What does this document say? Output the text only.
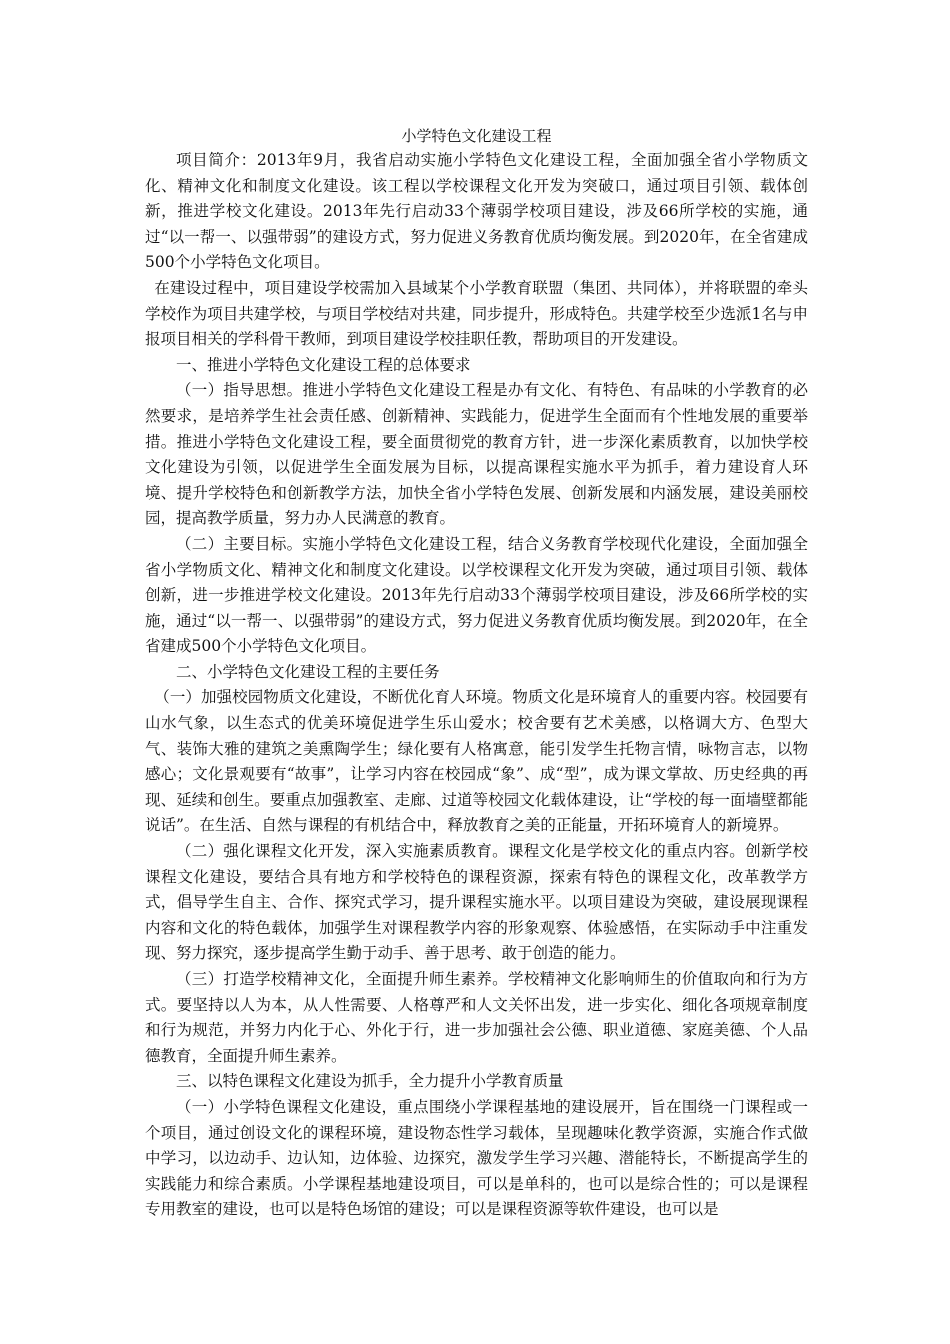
小学特色文化建设工程

项目简介：2013年9月，我省启动实施小学特色文化建设工程，全面加强全省小学物质文化、精神文化和制度文化建设。该工程以学校课程文化开发为突破口，通过项目引领、载体创新，推进学校文化建设。2013年先行启动33个薄弱学校项目建设，涉及66所学校的实施，通过“以一帮一、以强带弱”的建设方式，努力促进义务教育优质均衡发展。到2020年，在全省建成500个小学特色文化项目。

在建设过程中，项目建设学校需加入县域某个小学教育联盟（集团、共同体），并将联盟的牵头学校作为项目共建学校，与项目学校结对共建，同步提升，形成特色。共建学校至少选派1名与申报项目相关的学科骨干教师，到项目建设学校挂职任教，帮助项目的开发建设。

一、推进小学特色文化建设工程的总体要求

（一）指导思想。推进小学特色文化建设工程是办有文化、有特色、有品味的小学教育的必然要求，是培养学生社会责任感、创新精神、实践能力，促进学生全面而有个性地发展的重要举措。推进小学特色文化建设工程，要全面贯彻党的教育方针，进一步深化素质教育，以加快学校文化建设为引领，以促进学生全面发展为目标，以提高课程实施水平为抓手，着力建设育人环境、提升学校特色和创新教学方法，加快全省小学特色发展、创新发展和内涵发展，建设美丽校园，提高教学质量，努力办人民满意的教育。

（二）主要目标。实施小学特色文化建设工程，结合义务教育学校现代化建设，全面加强全省小学物质文化、精神文化和制度文化建设。以学校课程文化开发为突破，通过项目引领、载体创新，进一步推进学校文化建设。2013年先行启动33个薄弱学校项目建设，涉及66所学校的实施，通过“以一帮一、以强带弱”的建设方式，努力促进义务教育优质均衡发展。到2020年，在全省建成500个小学特色文化项目。

二、小学特色文化建设工程的主要任务

（一）加强校园物质文化建设，不断优化育人环境。物质文化是环境育人的重要内容。校园要有山水气象，以生态式的优美环境促进学生乐山爱水；校舍要有艺术美感，以格调大方、色型大气、装饰大雅的建筑之美熏陶学生；绿化要有人格寓意，能引发学生托物言情，咏物言志，以物感心；文化景观要有“故事”，让学习内容在校园成“象”、成“型”，成为课文掌故、历史经典的再现、延续和创生。要重点加强教室、走廊、过道等校园文化载体建设，让“学校的每一面墙壁都能说话”。在生活、自然与课程的有机结合中，释放教育之美的正能量，开拓环境育人的新境界。

（二）强化课程文化开发，深入实施素质教育。课程文化是学校文化的重点内容。创新学校课程文化建设，要结合具有地方和学校特色的课程资源，探索有特色的课程文化，改革教学方式，倡导学生自主、合作、探究式学习，提升课程实施水平。以项目建设为突破，建设展现课程内容和文化的特色载体，加强学生对课程教学内容的形象观察、体验感悟，在实际动手中注重发现、努力探究，逐步提高学生勤于动手、善于思考、敢于创造的能力。

（三）打造学校精神文化，全面提升师生素养。学校精神文化影响师生的价值取向和行为方式。要坚持以人为本，从人性需要、人格尊严和人文关怀出发，进一步实化、细化各项规章制度和行为规范，并努力内化于心、外化于行，进一步加强社会公德、职业道德、家庭美德、个人品德教育，全面提升师生素养。

三、以特色课程文化建设为抓手，全力提升小学教育质量

（一）小学特色课程文化建设，重点围绕小学课程基地的建设展开，旨在围绕一门课程或一个项目，通过创设文化的课程环境，建设物态性学习载体，呈现趣味化教学资源，实施合作式做中学习，以边动手、边认知，边体验、边探究，激发学生学习兴趣、潜能特长，不断提高学生的实践能力和综合素质。小学课程基地建设项目，可以是单科的，也可以是综合性的；可以是课程专用教室的建设，也可以是特色场馆的建设；可以是课程资源等软件建设，也可以是
